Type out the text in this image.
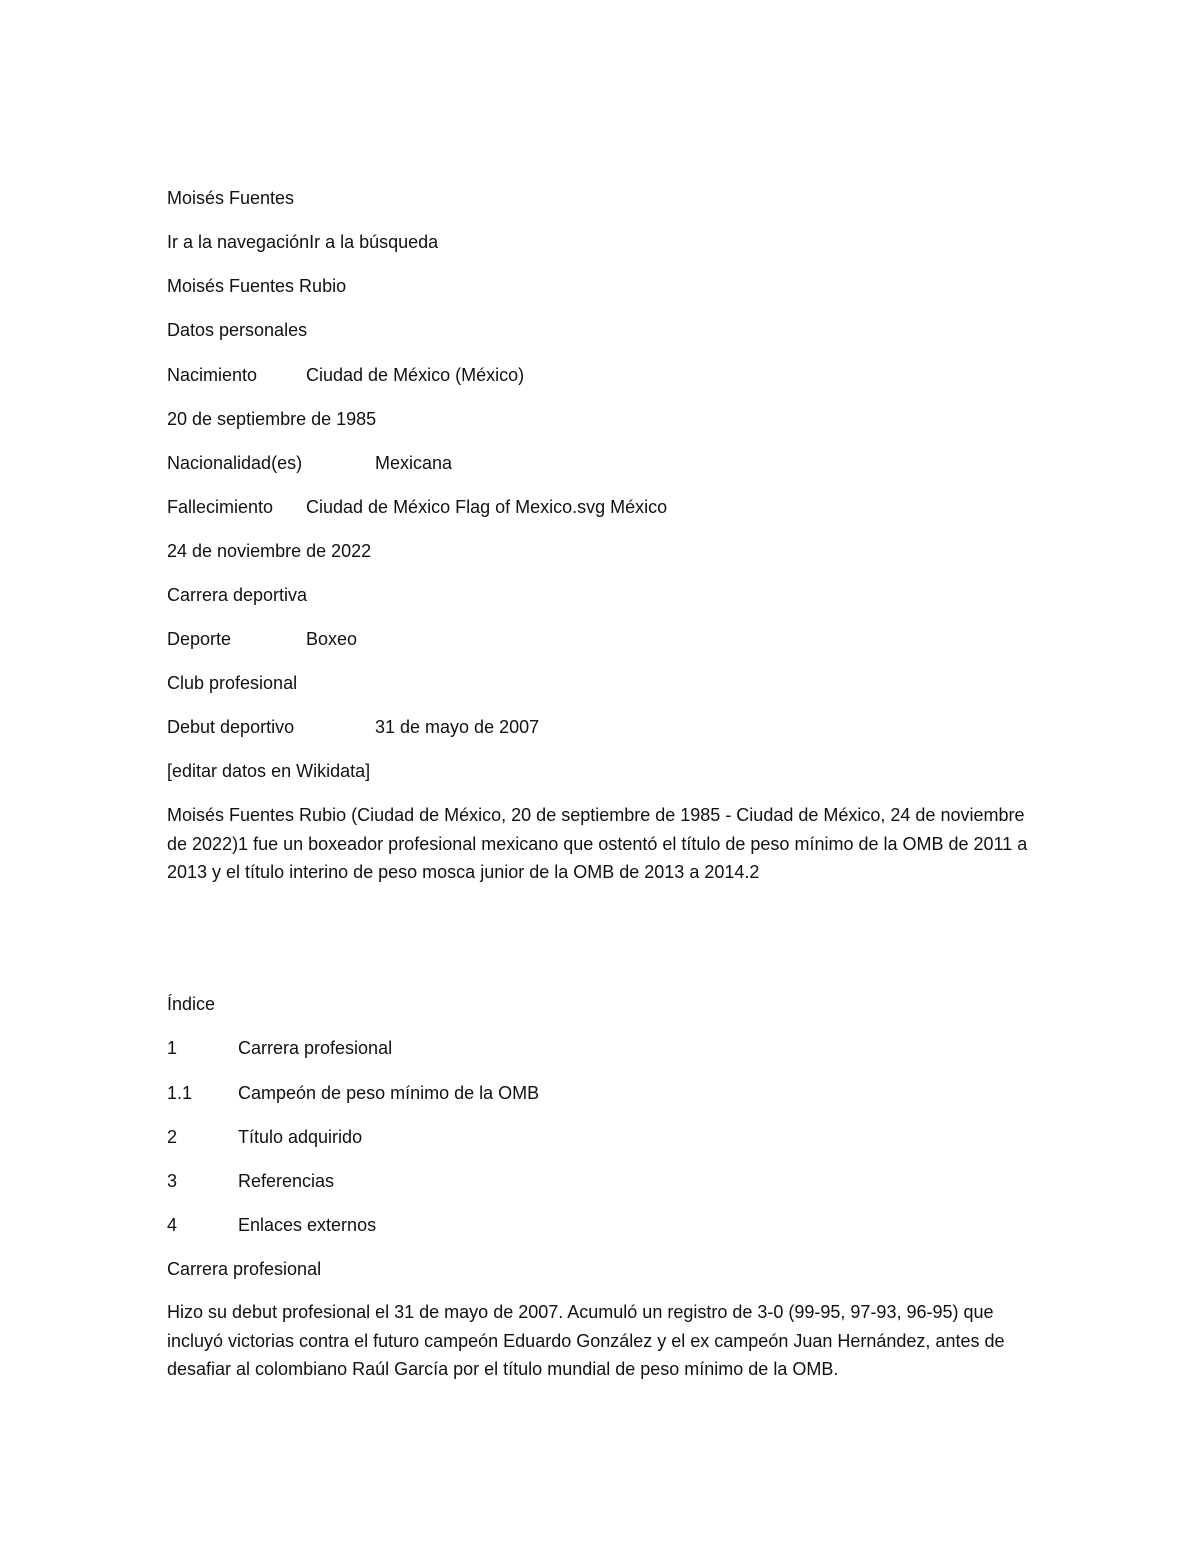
Moisés Fuentes
Ir a la navegaciónIr a la búsqueda
Moisés Fuentes Rubio
Datos personales
Nacimiento	Ciudad de México (México)
20 de septiembre de 1985
Nacionalidad(es)	Mexicana
Fallecimiento Ciudad de México Flag of Mexico.svg México
24 de noviembre de 2022
Carrera deportiva
Deporte	Boxeo
Club profesional
Debut deportivo	31 de mayo de 2007
[editar datos en Wikidata]
Moisés Fuentes Rubio (Ciudad de México, 20 de septiembre de 1985 - Ciudad de México, 24 de noviembre de 2022)1 fue un boxeador profesional mexicano que ostentó el título de peso mínimo de la OMB de 2011 a 2013 y el título interino de peso mosca junior de la OMB de 2013 a 2014.2
Índice
1	Carrera profesional
1.1	Campeón de peso mínimo de la OMB
2	Título adquirido
3	Referencias
4	Enlaces externos
Carrera profesional
Hizo su debut profesional el 31 de mayo de 2007. Acumuló un registro de 3-0 (99-95, 97-93, 96-95) que incluyó victorias contra el futuro campeón Eduardo González y el ex campeón Juan Hernández, antes de desafiar al colombiano Raúl García por el título mundial de peso mínimo de la OMB.
